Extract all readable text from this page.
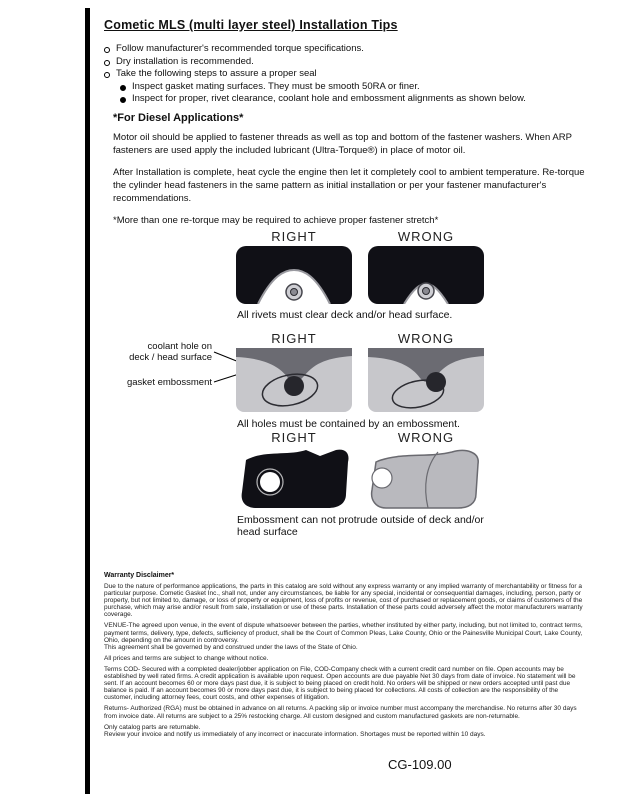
Cometic MLS (multi layer steel) Installation Tips
Follow manufacturer's recommended torque specifications.
Dry installation is recommended.
Take the following steps to assure a proper seal
Inspect gasket mating surfaces. They must be smooth 50RA or finer.
Inspect for proper, rivet clearance, coolant hole and embossment alignments as shown below.
*For Diesel Applications*

Motor oil should be applied to fastener threads as well as top and bottom of the fastener washers. When ARP fasteners are used apply the included lubricant (Ultra-Torque®) in place of motor oil.

After Installation is complete, heat cycle the engine then let it completely cool to ambient temperature. Re-torque the cylinder head fasteners in the same pattern as initial installation or per your fastener manufacturer's recommendations.

*More than one re-torque may be required to achieve proper fastener stretch*
RIGHT	WRONG
All rivets must clear deck and/or head surface.
RIGHT	WRONG
coolant hole on
deck / head surface
gasket embossment
All holes must be contained by an embossment.
RIGHT	WRONG
Embossment can not protrude outside of deck and/or head surface
Warranty Disclaimer*

Due to the nature of performance applications, the parts in this catalog are sold without any express warranty or any implied warranty of merchantability or fitness for a particular purpose. Cometic Gasket Inc., shall not, under any circumstances, be liable for any special, incidental or consequential damages, including, person, party or property, but not limited to, damage, or loss of property or equipment, loss of profits or revenue, cost of purchased or replacement goods, or claims of customers of the purchase, which may arise and/or result from sale, installation or use of these parts. Installation of these parts could adversely affect the motor manufacturers warranty coverage.

VENUE-The agreed upon venue, in the event of dispute whatsoever between the parties, whether instituted by either party, including, but not limited to, contract terms, payment terms, delivery, type, defects, sufficiency of product, shall be the Court of Common Pleas, Lake County, Ohio or the Painesville Municipal Court, Lake County, Ohio, depending on the amount in controversy.

This agreement shall be governed by and construed under the laws of the State of Ohio.

All prices and terms are subject to change without notice.

Terms COD- Secured with a completed dealer/jobber application on File, COD-Company check with a current credit card number on file. Open accounts may be established by well rated firms. A credit application is available upon request. Open accounts are due payable Net 30 days from date of invoice. No statement will be sent. If an account becomes 60 or more days past due, it is subject to being placed on credit hold. No orders will be shipped or new orders accepted until past due balance is paid. If an account becomes 90 or more days past due, it is subject to being placed for collections. All costs of collection are the responsibility of the customer, including attorney fees, court costs, and other expenses of litigation.

Returns- Authorized (RGA) must be obtained in advance on all returns. A packing slip or invoice number must accompany the merchandise. No returns after 30 days from invoice date. All returns are subject to a 25% restocking charge. All custom designed and custom manufactured gaskets are non-returnable.

Only catalog parts are returnable.

Review your invoice and notify us immediately of any incorrect or inaccurate information. Shortages must be reported within 10 days.

CG-109.00
